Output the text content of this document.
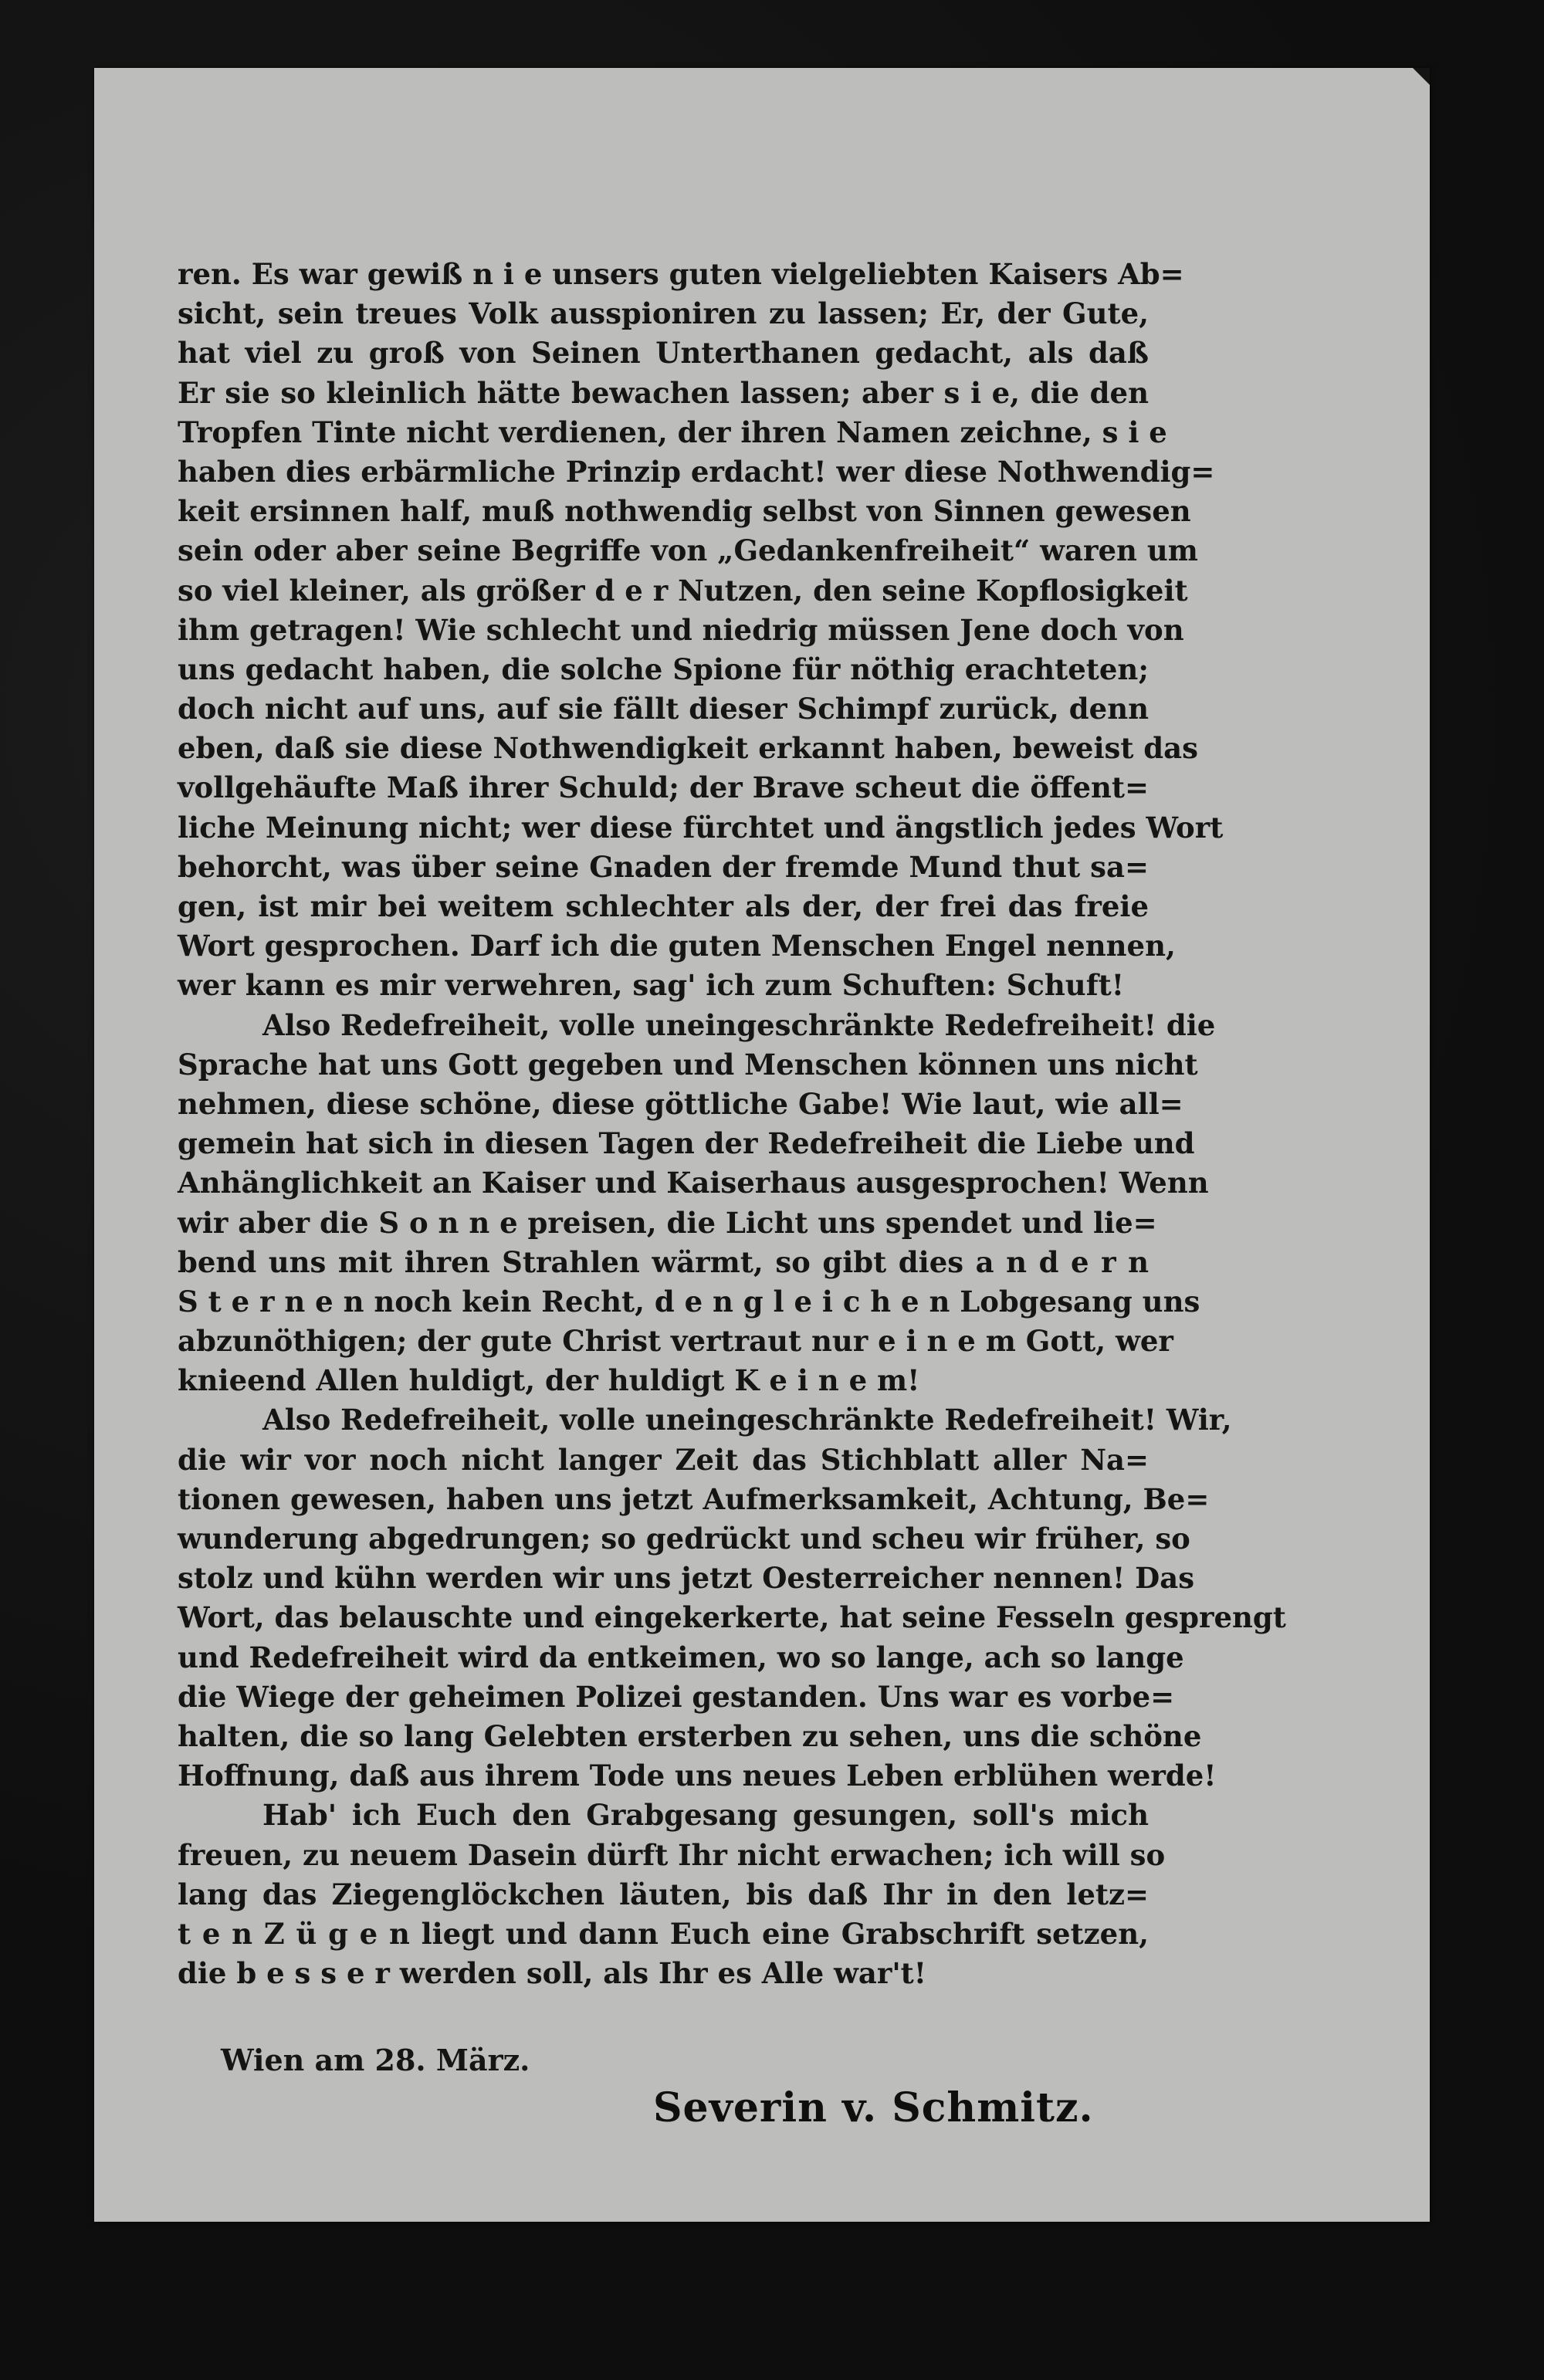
ren. Es war gewiß n i e unsers guten vielgeliebten Kaisers Ab=
sicht, sein treues Volk ausspioniren zu lassen; Er, der Gute,
hat viel zu groß von Seinen Unterthanen gedacht, als daß
Er sie so kleinlich hätte bewachen lassen; aber s i e, die den
Tropfen Tinte nicht verdienen, der ihren Namen zeichne, s i e
haben dies erbärmliche Prinzip erdacht! wer diese Nothwendig=
keit ersinnen half, muß nothwendig selbst von Sinnen gewesen
sein oder aber seine Begriffe von „Gedankenfreiheit“ waren um
so viel kleiner, als größer d e r Nutzen, den seine Kopflosigkeit
ihm getragen! Wie schlecht und niedrig müssen Jene doch von
uns gedacht haben, die solche Spione für nöthig erachteten;
doch nicht auf uns, auf sie fällt dieser Schimpf zurück, denn
eben, daß sie diese Nothwendigkeit erkannt haben, beweist das
vollgehäufte Maß ihrer Schuld; der Brave scheut die öffent=
liche Meinung nicht; wer diese fürchtet und ängstlich jedes Wort
behorcht, was über seine Gnaden der fremde Mund thut sa=
gen, ist mir bei weitem schlechter als der, der frei das freie
Wort gesprochen. Darf ich die guten Menschen Engel nennen,
wer kann es mir verwehren, sag' ich zum Schuften: Schuft!
Also Redefreiheit, volle uneingeschränkte Redefreiheit! die
Sprache hat uns Gott gegeben und Menschen können uns nicht
nehmen, diese schöne, diese göttliche Gabe! Wie laut, wie all=
gemein hat sich in diesen Tagen der Redefreiheit die Liebe und
Anhänglichkeit an Kaiser und Kaiserhaus ausgesprochen! Wenn
wir aber die S o n n e preisen, die Licht uns spendet und lie=
bend uns mit ihren Strahlen wärmt, so gibt dies a n d e r n
S t e r n e n noch kein Recht, d e n g l e i c h e n Lobgesang uns
abzunöthigen; der gute Christ vertraut nur e i n e m Gott, wer
knieend Allen huldigt, der huldigt K e i n e m!
Also Redefreiheit, volle uneingeschränkte Redefreiheit! Wir,
die wir vor noch nicht langer Zeit das Stichblatt aller Na=
tionen gewesen, haben uns jetzt Aufmerksamkeit, Achtung, Be=
wunderung abgedrungen; so gedrückt und scheu wir früher, so
stolz und kühn werden wir uns jetzt Oesterreicher nennen! Das
Wort, das belauschte und eingekerkerte, hat seine Fesseln gesprengt
und Redefreiheit wird da entkeimen, wo so lange, ach so lange
die Wiege der geheimen Polizei gestanden. Uns war es vorbe=
halten, die so lang Gelebten ersterben zu sehen, uns die schöne
Hoffnung, daß aus ihrem Tode uns neues Leben erblühen werde!
Hab' ich Euch den Grabgesang gesungen, soll's mich
freuen, zu neuem Dasein dürft Ihr nicht erwachen; ich will so
lang das Ziegenglöckchen läuten, bis daß Ihr in den letz=
t e n Z ü g e n liegt und dann Euch eine Grabschrift setzen,
die b e s s e r werden soll, als Ihr es Alle war't!
Wien am 28. März.
Severin v. Schmitz.
